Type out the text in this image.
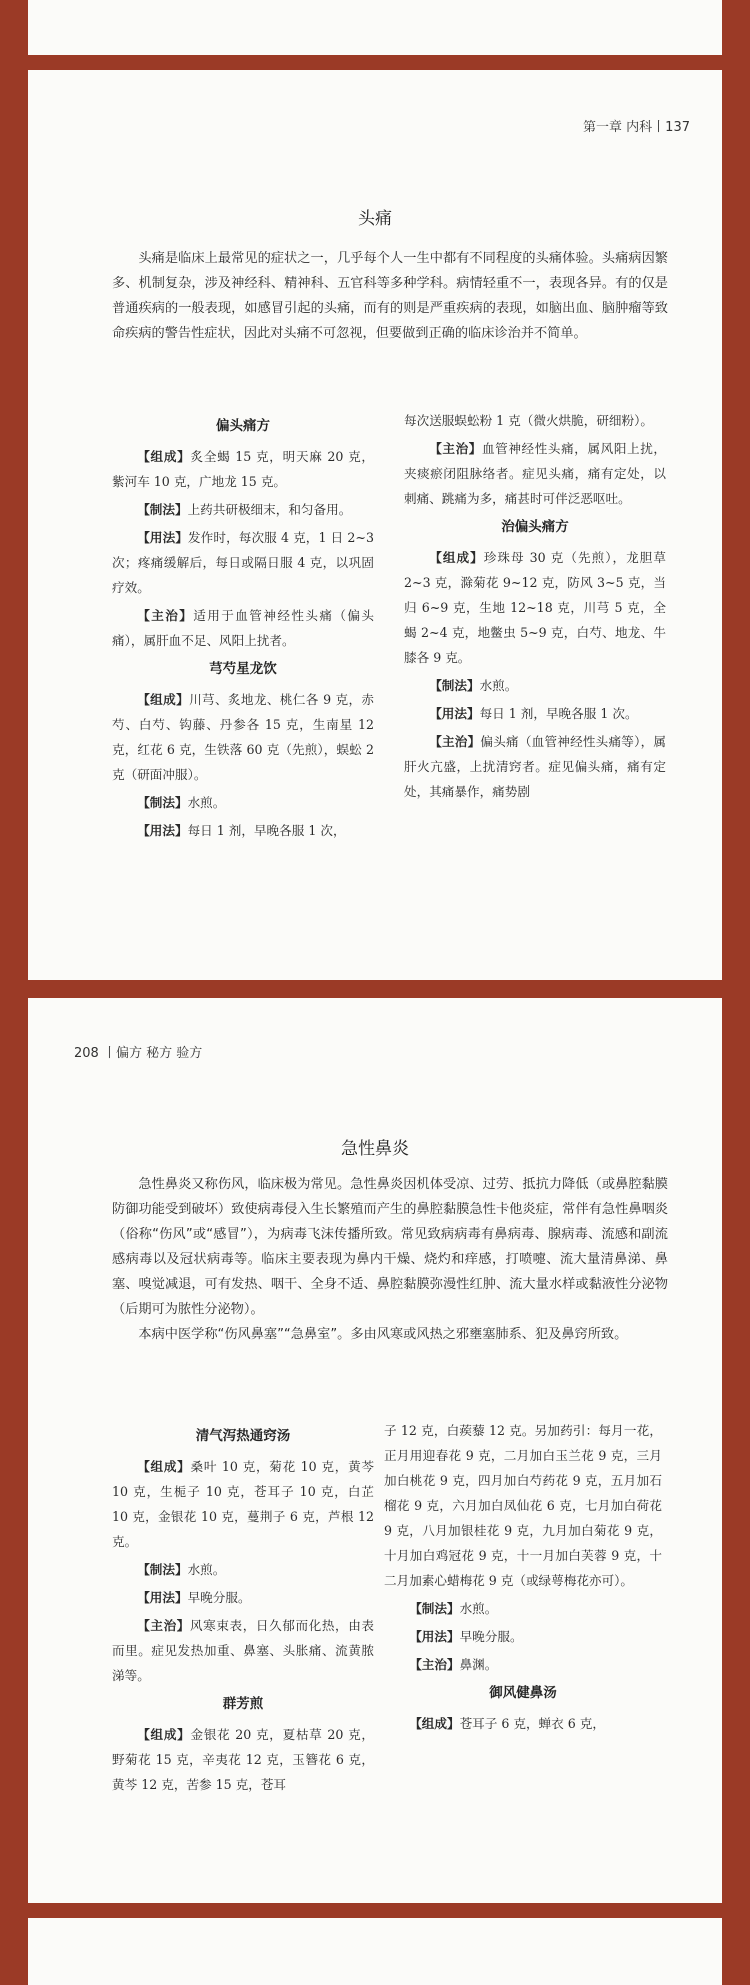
第一章 内科丨137
头痛

头痛是临床上最常见的症状之一，几乎每个人一生中都有不同程度的头痛体验。头痛病因繁多、机制复杂，涉及神经科、精神科、五官科等多种学科。病情轻重不一，表现各异。有的仅是普通疾病的一般表现，如感冒引起的头痛，而有的则是严重疾病的表现，如脑出血、脑肿瘤等致命疾病的警告性症状，因此对头痛不可忽视，但要做到正确的临床诊治并不简单。

偏头痛方

【组成】炙全蝎 15 克，明天麻 20 克，紫河车 10 克，广地龙 15 克。

【制法】上药共研极细末，和匀备用。

【用法】发作时，每次服 4 克，1 日 2~3 次；疼痛缓解后，每日或隔日服 4 克，以巩固疗效。

【主治】适用于血管神经性头痛（偏头痛），属肝血不足、风阳上扰者。

芎芍星龙饮

【组成】川芎、炙地龙、桃仁各 9 克，赤芍、白芍、钩藤、丹参各 15 克，生南星 12 克，红花 6 克，生铁落 60 克（先煎），蜈蚣 2 克（研面冲服）。

【制法】水煎。

【用法】每日 1 剂，早晚各服 1 次，

每次送服蜈蚣粉 1 克（微火烘脆，研细粉）。

【主治】血管神经性头痛，属风阳上扰，夹痰瘀闭阻脉络者。症见头痛，痛有定处，以刺痛、跳痛为多，痛甚时可伴泛恶呕吐。

治偏头痛方

【组成】珍珠母 30 克（先煎），龙胆草 2~3 克，滁菊花 9~12 克，防风 3~5 克，当归 6~9 克，生地 12~18 克，川芎 5 克，全蝎 2~4 克，地鳖虫 5~9 克，白芍、地龙、牛膝各 9 克。

【制法】水煎。

【用法】每日 1 剂，早晚各服 1 次。

【主治】偏头痛（血管神经性头痛等），属肝火亢盛，上扰清窍者。症见偏头痛，痛有定处，其痛暴作，痛势剧

208 丨偏方 秘方 验方
急性鼻炎

急性鼻炎又称伤风，临床极为常见。急性鼻炎因机体受凉、过劳、抵抗力降低（或鼻腔黏膜防御功能受到破坏）致使病毒侵入生长繁殖而产生的鼻腔黏膜急性卡他炎症，常伴有急性鼻咽炎（俗称“伤风”或“感冒”），为病毒飞沫传播所致。常见致病病毒有鼻病毒、腺病毒、流感和副流感病毒以及冠状病毒等。临床主要表现为鼻内干燥、烧灼和痒感，打喷嚏、流大量清鼻涕、鼻塞、嗅觉减退，可有发热、咽干、全身不适、鼻腔黏膜弥漫性红肿、流大量水样或黏液性分泌物（后期可为脓性分泌物）。

本病中医学称“伤风鼻塞”“急鼻室”。多由风寒或风热之邪壅塞肺系、犯及鼻窍所致。

清气泻热通窍汤

【组成】桑叶 10 克，菊花 10 克，黄芩 10 克，生栀子 10 克，苍耳子 10 克，白芷 10 克，金银花 10 克，蔓荆子 6 克，芦根 12 克。

【制法】水煎。

【用法】早晚分服。

【主治】风寒束表，日久郁而化热，由表而里。症见发热加重、鼻塞、头胀痛、流黄脓涕等。

群芳煎

【组成】金银花 20 克，夏枯草 20 克，野菊花 15 克，辛夷花 12 克，玉簪花 6 克，黄芩 12 克，苦参 15 克，苍耳

子 12 克，白蒺藜 12 克。另加药引：每月一花，正月用迎春花 9 克，二月加白玉兰花 9 克，三月加白桃花 9 克，四月加白芍药花 9 克，五月加石榴花 9 克，六月加白凤仙花 6 克，七月加白荷花 9 克，八月加银桂花 9 克，九月加白菊花 9 克，十月加白鸡冠花 9 克，十一月加白芙蓉 9 克，十二月加素心蜡梅花 9 克（或绿萼梅花亦可）。

【制法】水煎。

【用法】早晚分服。

【主治】鼻渊。

御风健鼻汤

【组成】苍耳子 6 克，蝉衣 6 克，
